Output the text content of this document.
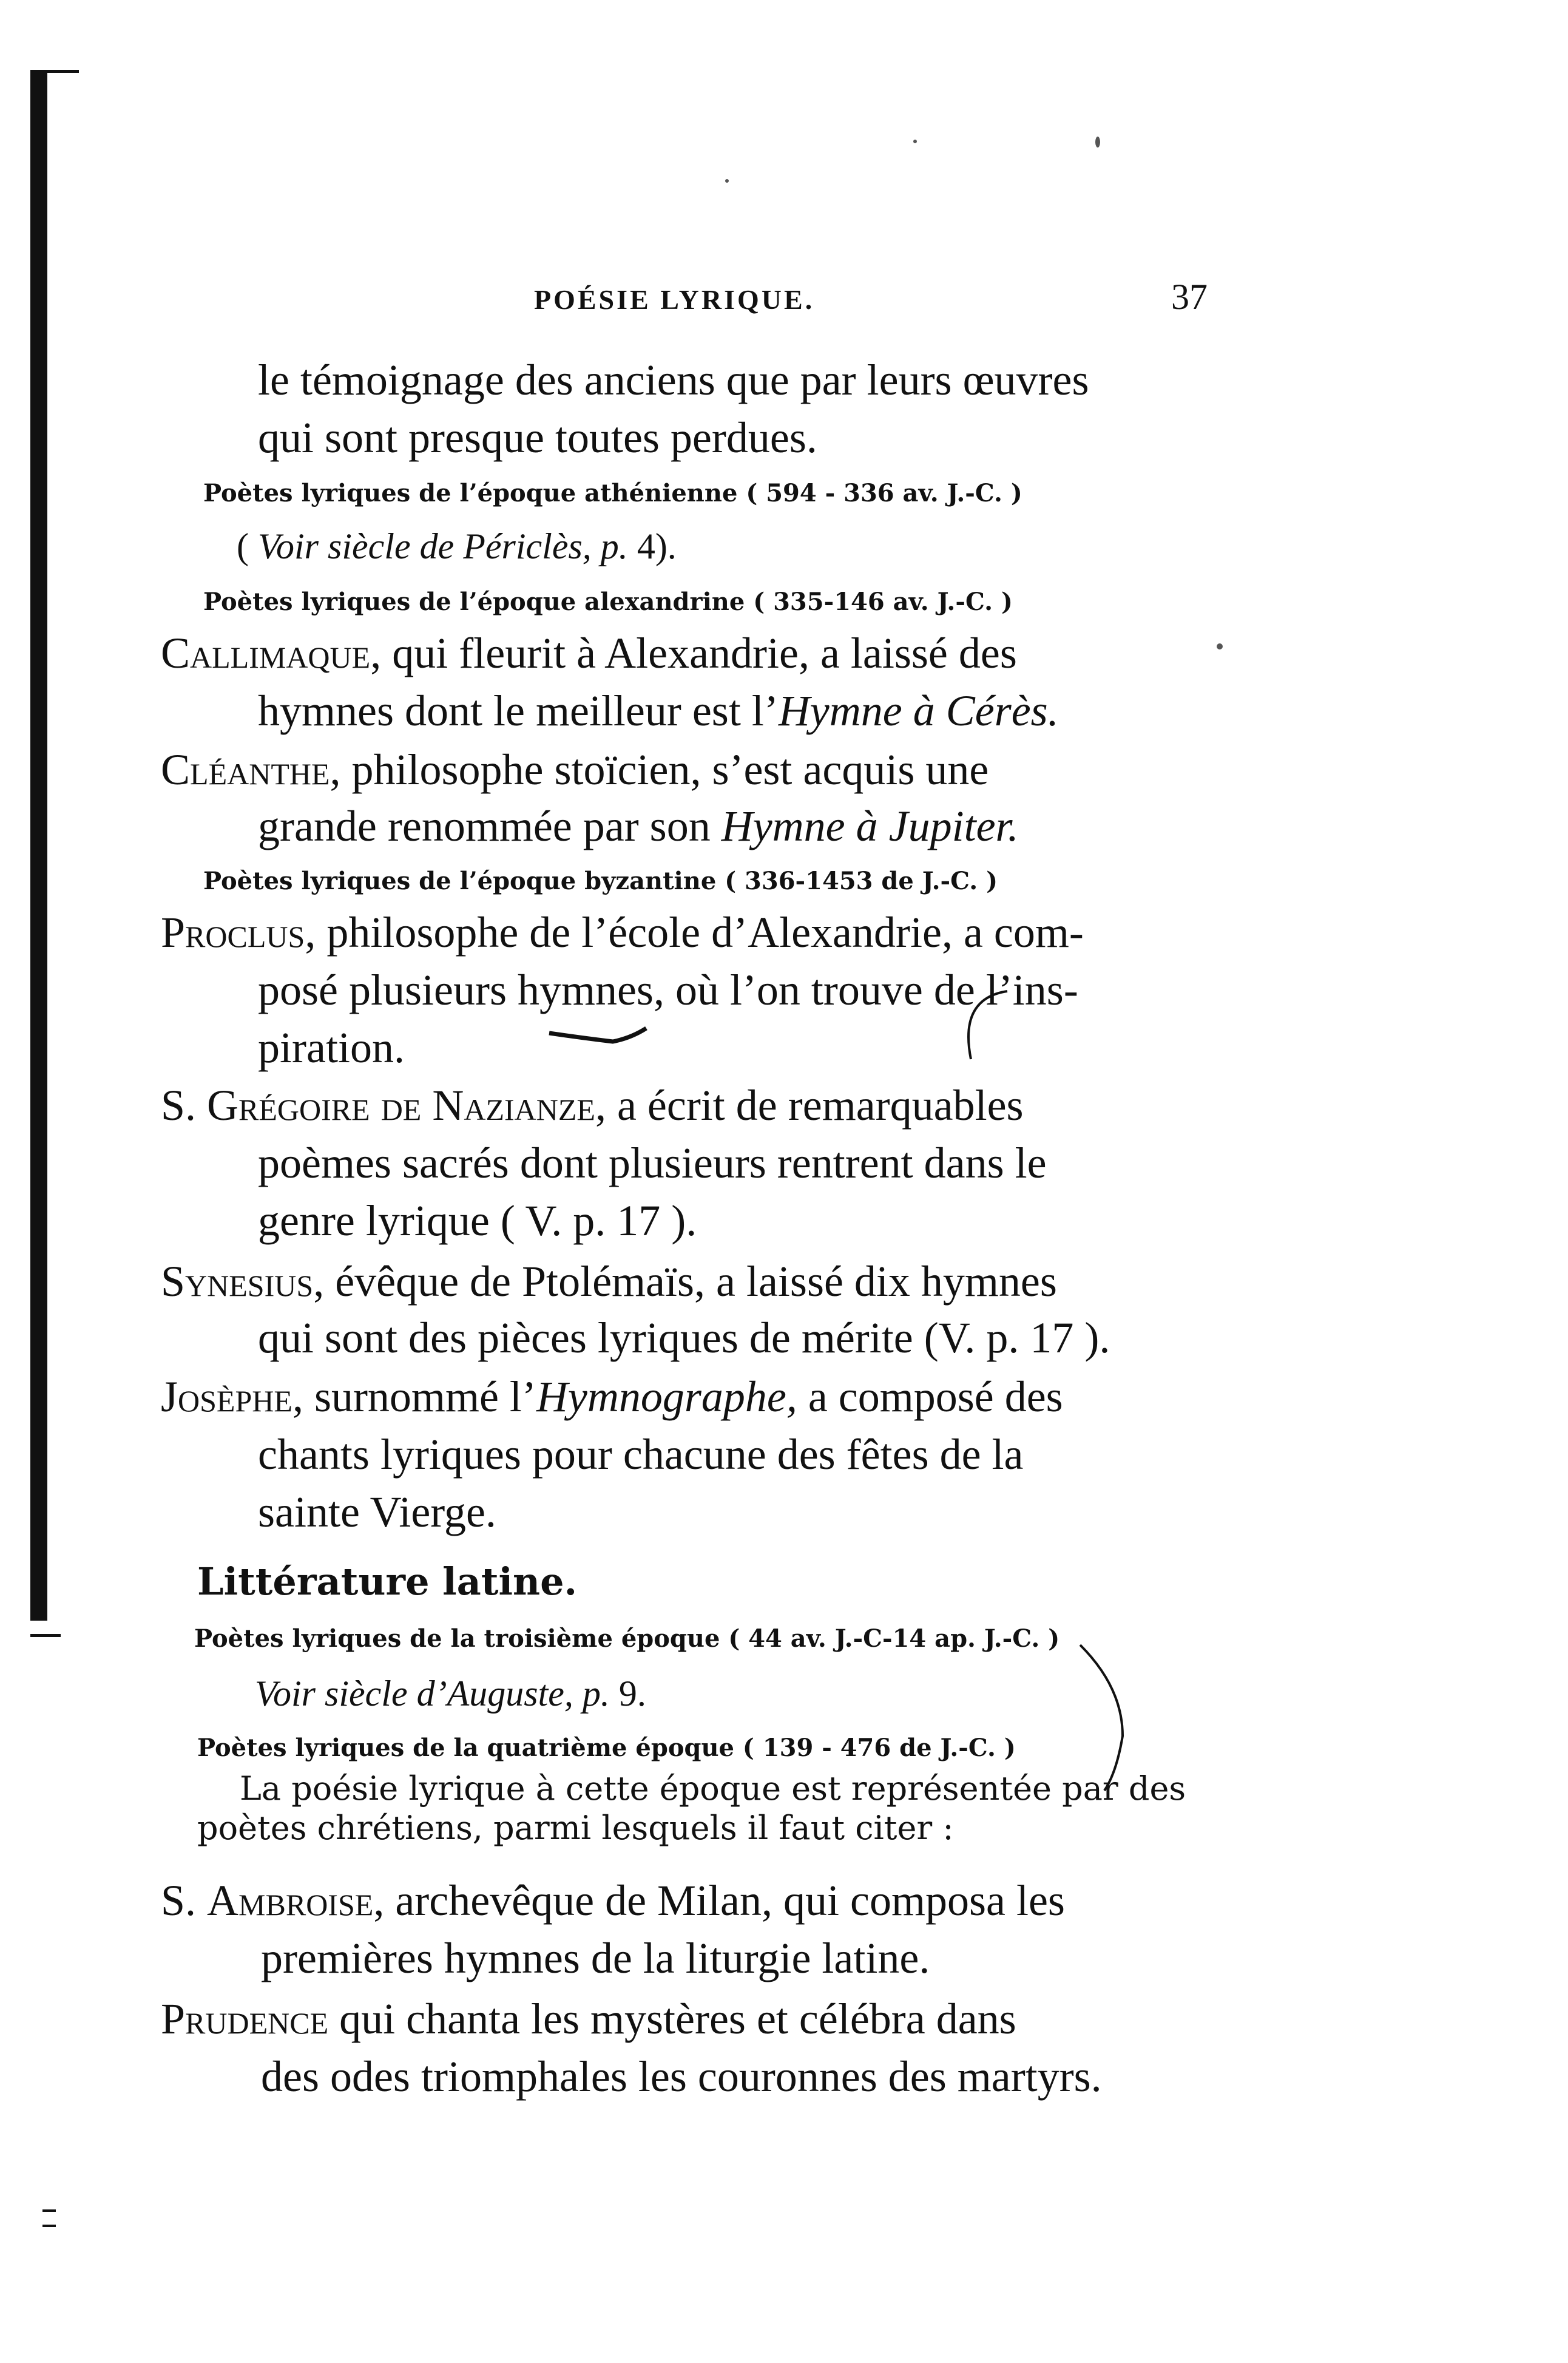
POÉSIE LYRIQUE.	37
le témoignage des anciens que par leurs œuvres
qui sont presque toutes perdues.
Poètes lyriques de l’époque athénienne ( 594 - 336 av. J.-C. )
( Voir siècle de Périclès, p. 4).
Poètes lyriques de l’époque alexandrine ( 335-146 av. J.-C. )
Callimaque, qui fleurit à Alexandrie, a laissé des
hymnes dont le meilleur est l’Hymne à Cérès.
Cléanthe, philosophe stoïcien, s’est acquis une
grande renommée par son Hymne à Jupiter.
Poètes lyriques de l’époque byzantine ( 336-1453 de J.-C. )
Proclus, philosophe de l’école d’Alexandrie, a com-
posé plusieurs hymnes, où l’on trouve de l’ins-
piration.
S. Grégoire de Nazianze, a écrit de remarquables
poèmes sacrés dont plusieurs rentrent dans le
genre lyrique ( V. p. 17 ).
Synesius, évêque de Ptolémaïs, a laissé dix hymnes
qui sont des pièces lyriques de mérite (V. p. 17 ).
Josèphe, surnommé l’Hymnographe, a composé des
chants lyriques pour chacune des fêtes de la
sainte Vierge.
Littérature latine.
Poètes lyriques de la troisième époque ( 44 av. J.-C-14 ap. J.-C. )
Voir siècle d’Auguste, p. 9.
Poètes lyriques de la quatrième époque ( 139 - 476 de J.-C. )
La poésie lyrique à cette époque est représentée par des
poètes chrétiens, parmi lesquels il faut citer :
S. Ambroise, archevêque de Milan, qui composa les
premières hymnes de la liturgie latine.
Prudence qui chanta les mystères et célébra dans
des odes triomphales les couronnes des martyrs.
